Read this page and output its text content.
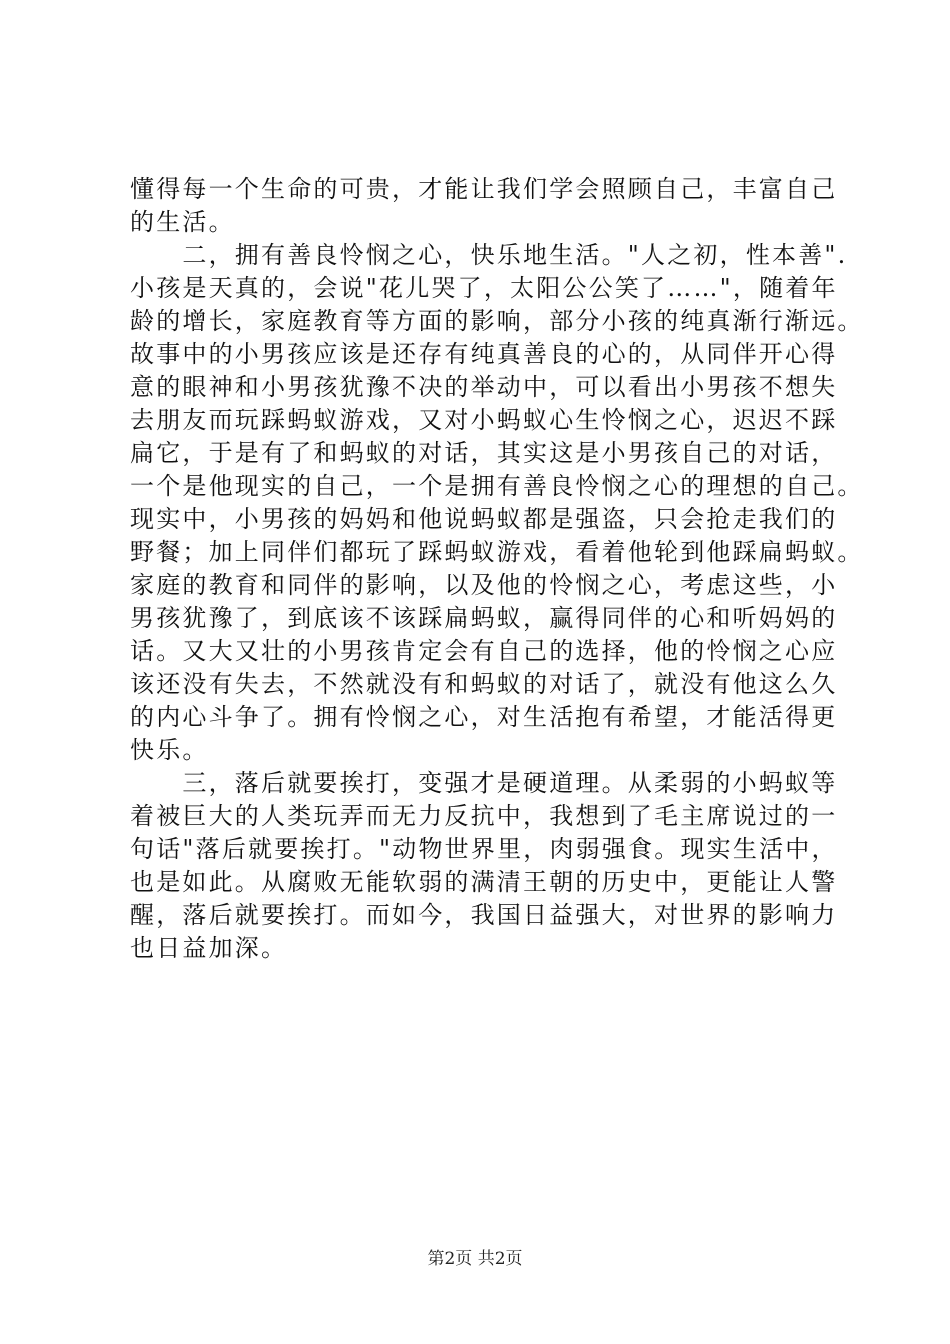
懂得每一个生命的可贵，才能让我们学会照顾自己，丰富自己
的生活。
　　二，拥有善良怜悯之心，快乐地生活。"人之初，性本善".
小孩是天真的，会说"花儿哭了，太阳公公笑了……"，随着年
龄的增长，家庭教育等方面的影响，部分小孩的纯真渐行渐远。
故事中的小男孩应该是还存有纯真善良的心的，从同伴开心得
意的眼神和小男孩犹豫不决的举动中，可以看出小男孩不想失
去朋友而玩踩蚂蚁游戏，又对小蚂蚁心生怜悯之心，迟迟不踩
扁它，于是有了和蚂蚁的对话，其实这是小男孩自己的对话，
一个是他现实的自己，一个是拥有善良怜悯之心的理想的自己。
现实中，小男孩的妈妈和他说蚂蚁都是强盗，只会抢走我们的
野餐；加上同伴们都玩了踩蚂蚁游戏，看着他轮到他踩扁蚂蚁。
家庭的教育和同伴的影响，以及他的怜悯之心，考虑这些，小
男孩犹豫了，到底该不该踩扁蚂蚁，赢得同伴的心和听妈妈的
话。又大又壮的小男孩肯定会有自己的选择，他的怜悯之心应
该还没有失去，不然就没有和蚂蚁的对话了，就没有他这么久
的内心斗争了。拥有怜悯之心，对生活抱有希望，才能活得更
快乐。
　　三，落后就要挨打，变强才是硬道理。从柔弱的小蚂蚁等
着被巨大的人类玩弄而无力反抗中，我想到了毛主席说过的一
句话"落后就要挨打。"动物世界里，肉弱强食。现实生活中，
也是如此。从腐败无能软弱的满清王朝的历史中，更能让人警
醒，落后就要挨打。而如今，我国日益强大，对世界的影响力
也日益加深。
第2页 共2页
